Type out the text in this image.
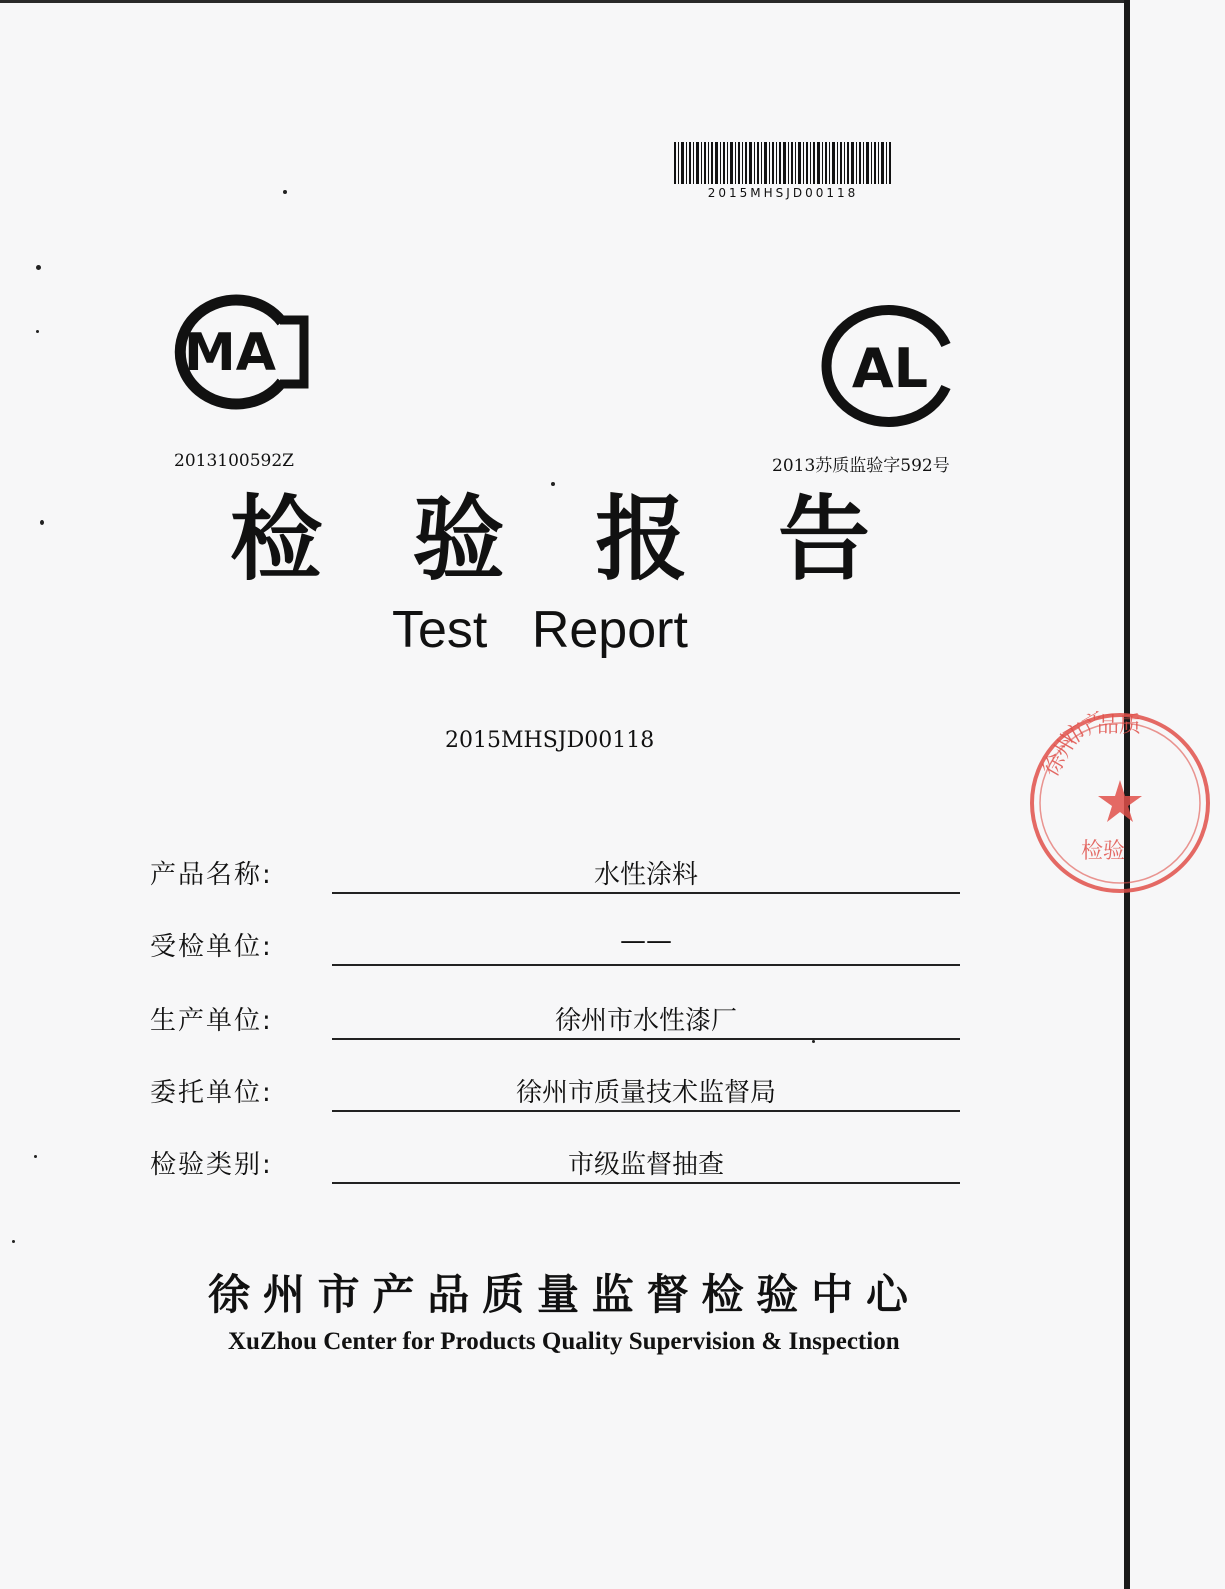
2015MHSJD00118
MA	AL
2013100592Z	2013苏质监验字592号
检 验 报 告
Test Report
2015MHSJD00118
产品名称:	水性涂料
受检单位:	——
生产单位:	徐州市水性漆厂
委托单位:	徐州市质量技术监督局
检验类别:	市级监督抽查
徐 州 市 产 品 质 量 监 督 检 验 中 心
XuZhou Center for Products Quality Supervision & Inspection
徐州
市产
品质
检验
